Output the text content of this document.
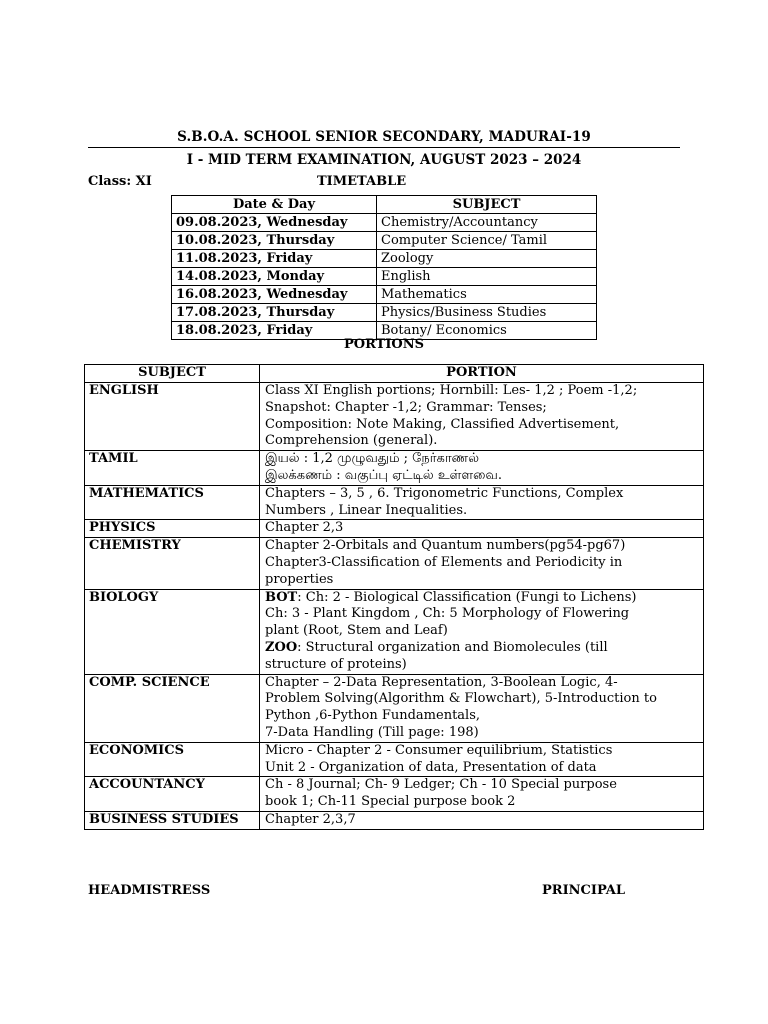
S.B.O.A. SCHOOL SENIOR SECONDARY, MADURAI-19
I - MID TERM EXAMINATION, AUGUST 2023 – 2024
Class: XI	TIMETABLE
Date & Day	SUBJECT
09.08.2023, Wednesday	Chemistry/Accountancy
10.08.2023, Thursday	Computer Science/ Tamil
11.08.2023, Friday	Zoology
14.08.2023, Monday	English
16.08.2023, Wednesday	Mathematics
17.08.2023, Thursday	Physics/Business Studies
18.08.2023, Friday	Botany/ Economics
PORTIONS
SUBJECT	PORTION
ENGLISH	Class XI English portions; Hornbill: Les- 1,2 ; Poem -1,2;
Snapshot: Chapter -1,2; Grammar: Tenses;
Composition: Note Making, Classified Advertisement,
Comprehension (general).

TAMIL	இயல் : 1,2 முழுவதும் ; நேர்காணல்
இலக்கணம் : வகுப்பு ஏட்டில் உள்ளவை.

MATHEMATICS	Chapters – 3, 5 , 6. Trigonometric Functions, Complex
Numbers , Linear Inequalities.

PHYSICS	Chapter 2,3

CHEMISTRY	Chapter 2-Orbitals and Quantum numbers(pg54-pg67)
Chapter3-Classification of Elements and Periodicity in
properties

BIOLOGY	BOT: Ch: 2 - Biological Classification (Fungi to Lichens)
Ch: 3 - Plant Kingdom , Ch: 5 Morphology of Flowering
plant (Root, Stem and Leaf)
ZOO: Structural organization and Biomolecules (till
structure of proteins)

COMP. SCIENCE	Chapter – 2-Data Representation, 3-Boolean Logic, 4-
Problem Solving(Algorithm & Flowchart), 5-Introduction to
Python ,6-Python Fundamentals,
7-Data Handling (Till page: 198)

ECONOMICS	Micro - Chapter 2 - Consumer equilibrium, Statistics
Unit 2 - Organization of data, Presentation of data

ACCOUNTANCY	Ch - 8 Journal; Ch- 9 Ledger; Ch - 10 Special purpose
book 1; Ch-11 Special purpose book 2

BUSINESS STUDIES	Chapter 2,3,7
HEADMISTRESS	PRINCIPAL
